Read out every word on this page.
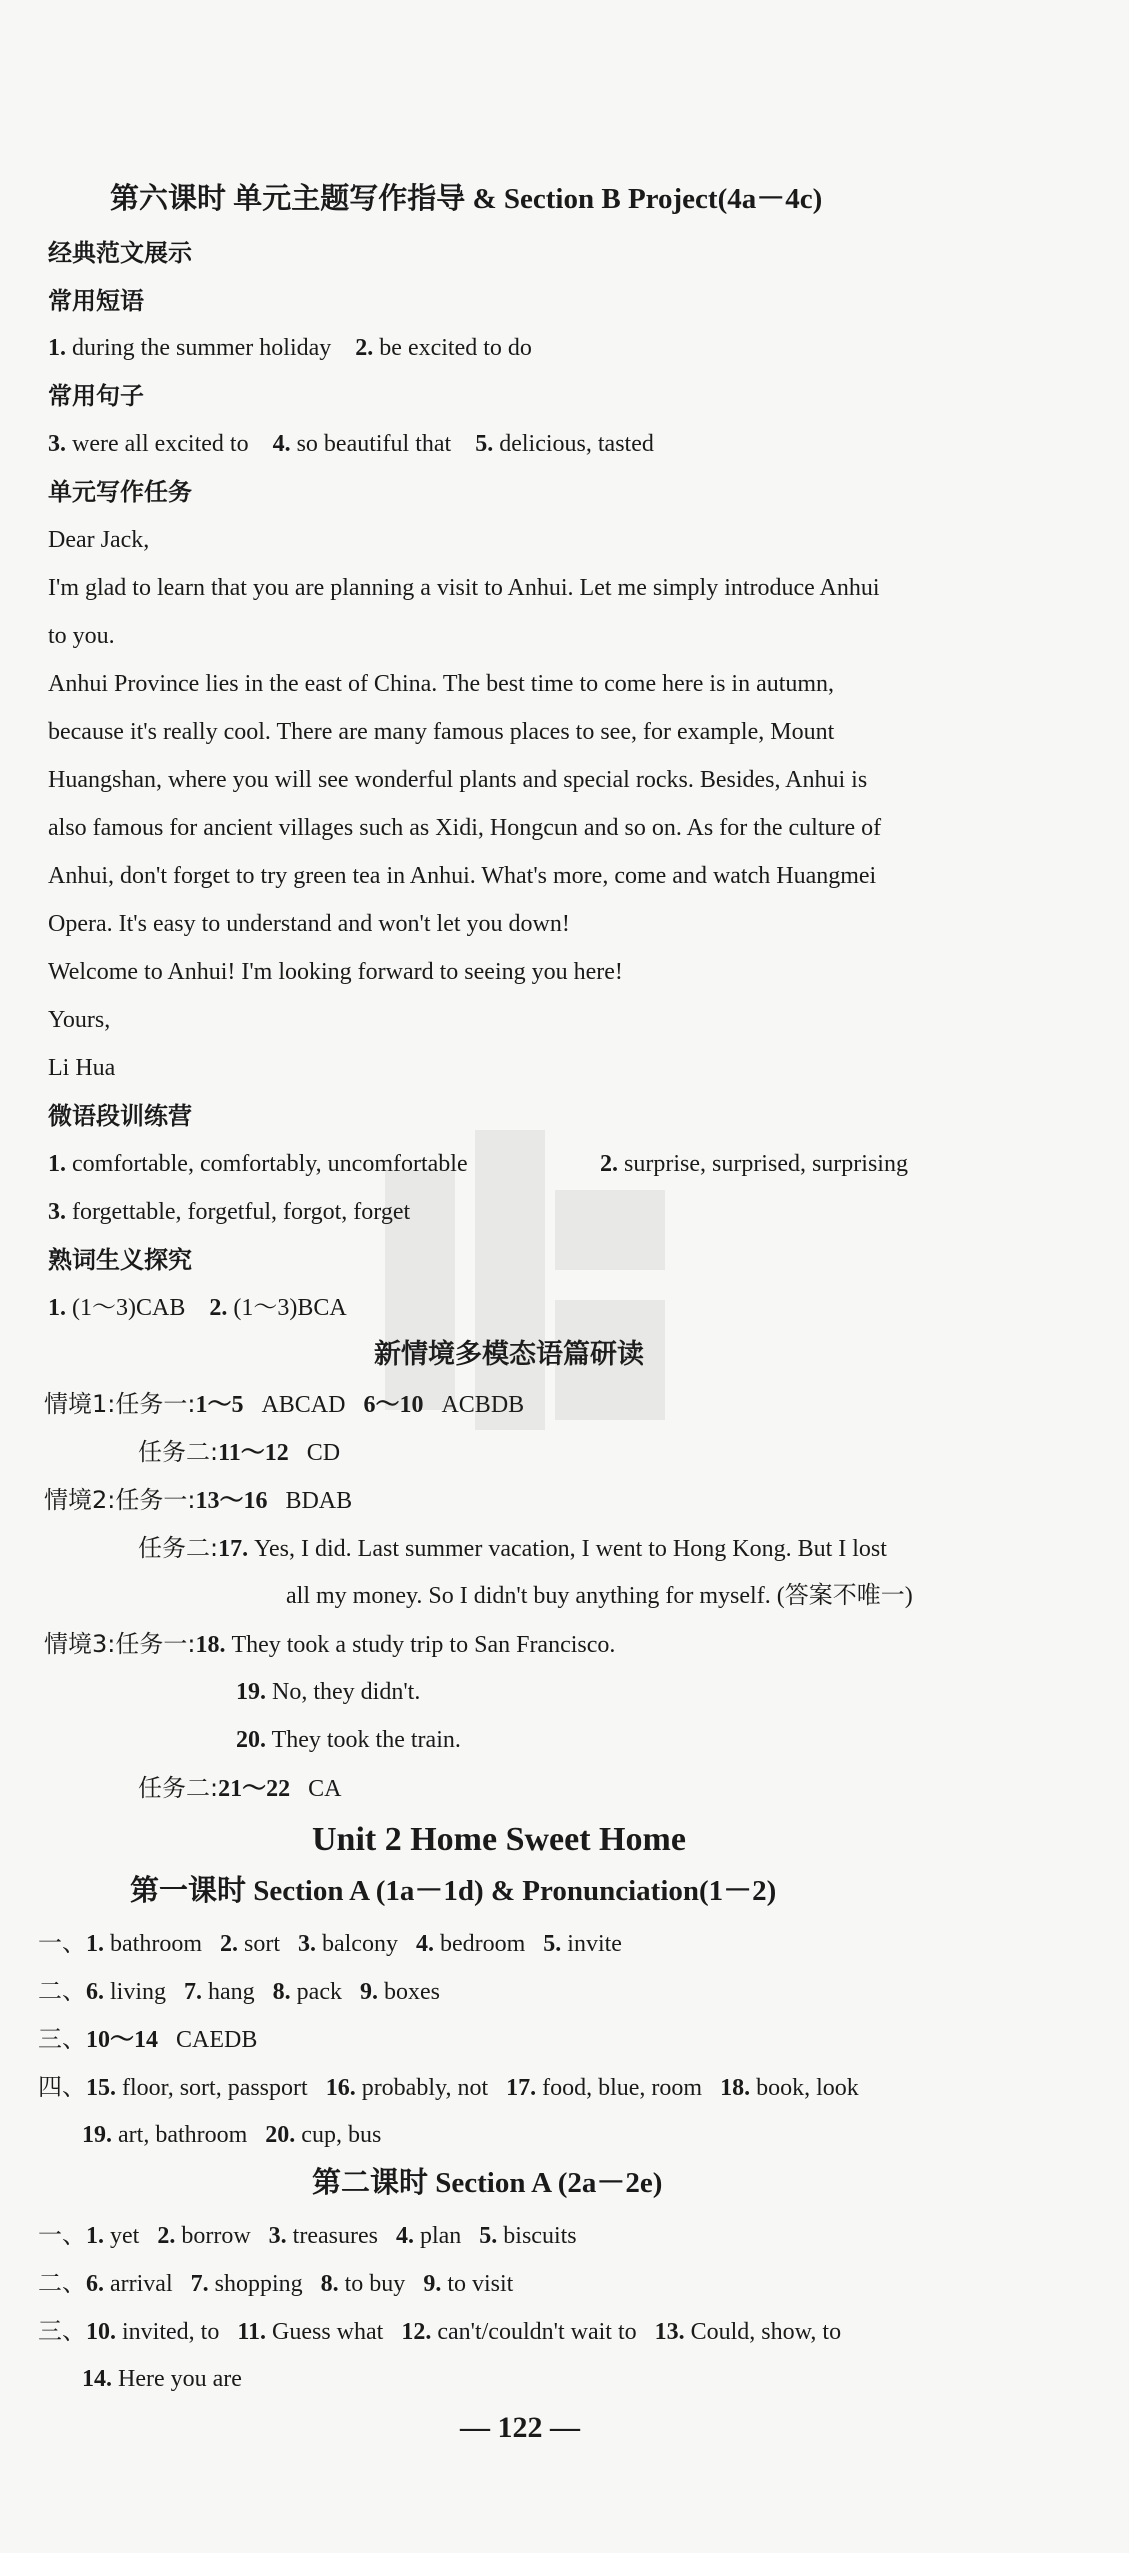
第六课时 单元主题写作指导 & Section B Project(4a－4c)
经典范文展示
常用短语
1. during the summer holiday 2. be excited to do
常用句子
3. were all excited to 4. so beautiful that 5. delicious, tasted
单元写作任务
Dear Jack,
I'm glad to learn that you are planning a visit to Anhui. Let me simply introduce Anhui
to you.
Anhui Province lies in the east of China. The best time to come here is in autumn,
because it's really cool. There are many famous places to see, for example, Mount
Huangshan, where you will see wonderful plants and special rocks. Besides, Anhui is
also famous for ancient villages such as Xidi, Hongcun and so on. As for the culture of
Anhui, don't forget to try green tea in Anhui. What's more, come and watch Huangmei
Opera. It's easy to understand and won't let you down!
Welcome to Anhui! I'm looking forward to seeing you here!
Yours,
Li Hua
微语段训练营
1. comfortable, comfortably, uncomfortable	2. surprise, surprised, surprising
3. forgettable, forgetful, forgot, forget
熟词生义探究
1. (1～3)CAB 2. (1～3)BCA
新情境多模态语篇研读
情境1:任务一:1～5 ABCAD 6～10 ACBDB
任务二:11～12 CD
情境2:任务一:13～16 BDAB
任务二:17. Yes, I did. Last summer vacation, I went to Hong Kong. But I lost
all my money. So I didn't buy anything for myself. (答案不唯一)
情境3:任务一:18. They took a study trip to San Francisco.
19. No, they didn't.
20. They took the train.
任务二:21～22 CA
Unit 2 Home Sweet Home
第一课时 Section A (1a－1d) & Pronunciation(1－2)
一、1. bathroom 2. sort 3. balcony 4. bedroom 5. invite
二、6. living 7. hang 8. pack 9. boxes
三、10～14 CAEDB
四、15. floor, sort, passport 16. probably, not 17. food, blue, room 18. book, look
19. art, bathroom 20. cup, bus
第二课时 Section A (2a－2e)
一、1. yet 2. borrow 3. treasures 4. plan 5. biscuits
二、6. arrival 7. shopping 8. to buy 9. to visit
三、10. invited, to 11. Guess what 12. can't/couldn't wait to 13. Could, show, to
14. Here you are
— 122 —
